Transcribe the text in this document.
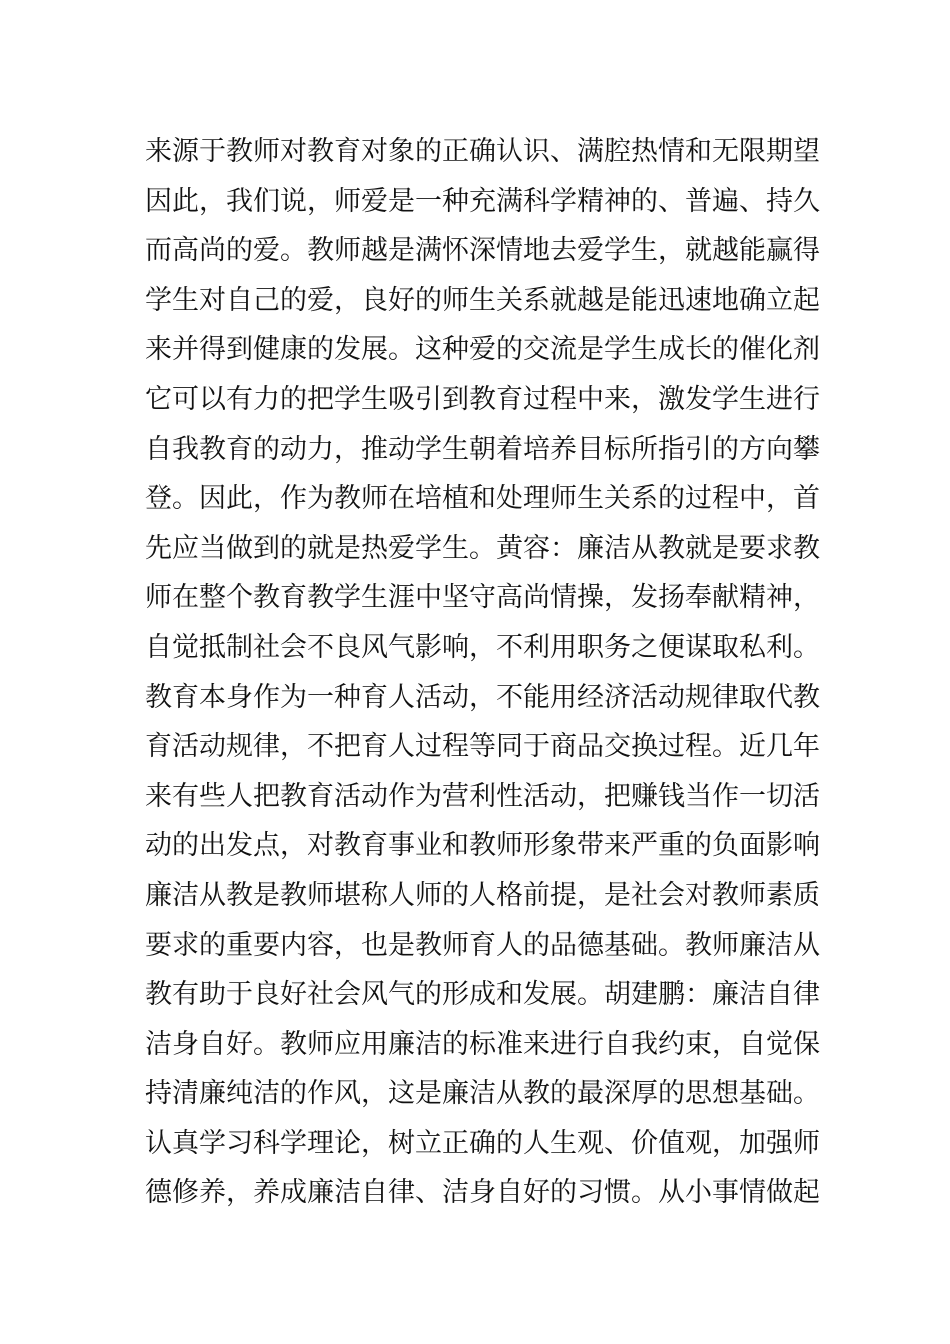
来源于教师对教育对象的正确认识、满腔热情和无限期望
因此，我们说，师爱是一种充满科学精神的、普遍、持久
而高尚的爱。教师越是满怀深情地去爱学生，就越能赢得
学生对自己的爱，良好的师生关系就越是能迅速地确立起
来并得到健康的发展。这种爱的交流是学生成长的催化剂
它可以有力的把学生吸引到教育过程中来，激发学生进行
自我教育的动力，推动学生朝着培养目标所指引的方向攀
登。因此，作为教师在培植和处理师生关系的过程中，首
先应当做到的就是热爱学生。黄容：廉洁从教就是要求教
师在整个教育教学生涯中坚守高尚情操，发扬奉献精神，
自觉抵制社会不良风气影响，不利用职务之便谋取私利。
教育本身作为一种育人活动，不能用经济活动规律取代教
育活动规律，不把育人过程等同于商品交换过程。近几年
来有些人把教育活动作为营利性活动，把赚钱当作一切活
动的出发点，对教育事业和教师形象带来严重的负面影响
廉洁从教是教师堪称人师的人格前提，是社会对教师素质
要求的重要内容，也是教师育人的品德基础。教师廉洁从
教有助于良好社会风气的形成和发展。胡建鹏：廉洁自律
洁身自好。教师应用廉洁的标准来进行自我约束，自觉保
持清廉纯洁的作风，这是廉洁从教的最深厚的思想基础。
认真学习科学理论，树立正确的人生观、价值观，加强师
德修养，养成廉洁自律、洁身自好的习惯。从小事情做起
